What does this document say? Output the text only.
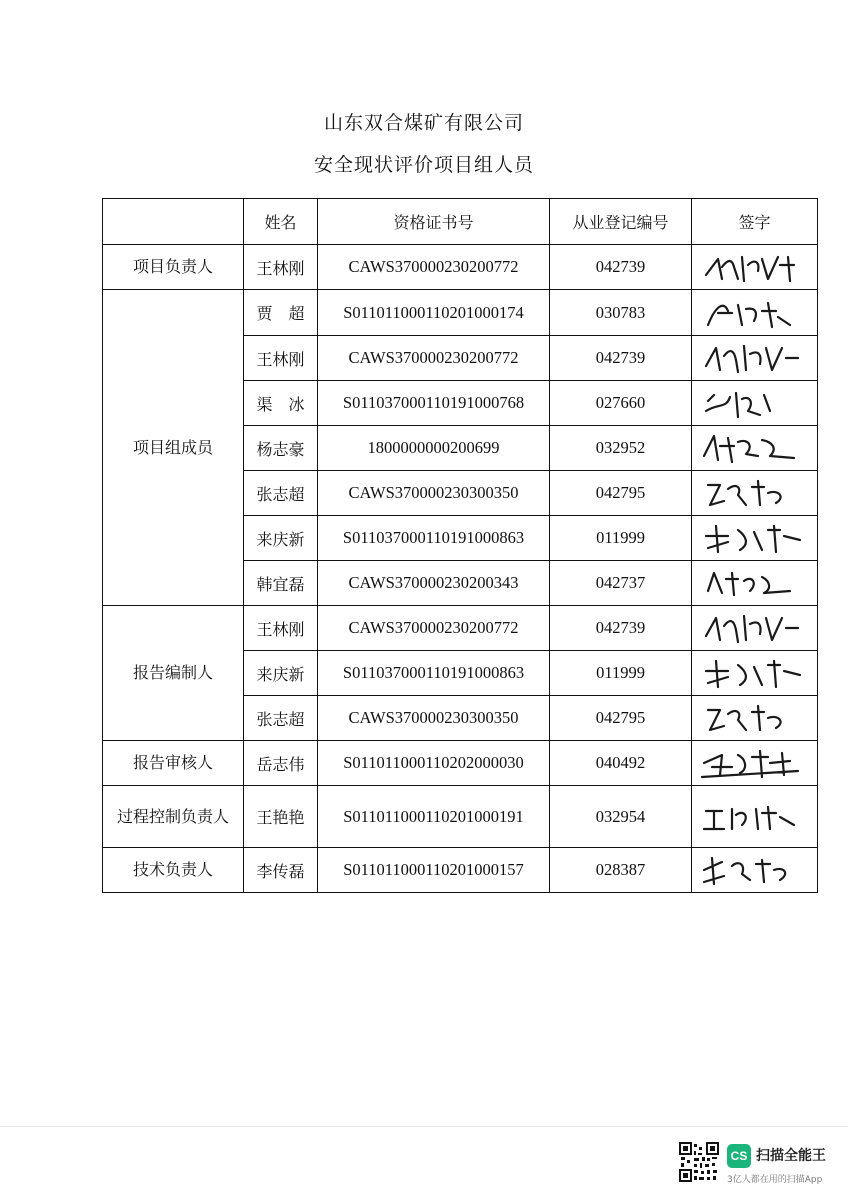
山东双合煤矿有限公司
安全现状评价项目组人员
	姓名	资格证书号	从业登记编号	签字
项目负责人	王林刚	CAWS370000230200772	042739	

项目组成员	贾　超	S011011000110201000174	030783	

	王林刚	CAWS370000230200772	042739	

	渠　冰	S011037000110191000768	027660	

	杨志豪	1800000000200699	032952	

	张志超	CAWS370000230300350	042795	

	来庆新	S011037000110191000863	011999	

	韩宜磊	CAWS370000230200343	042737	

报告编制人	王林刚	CAWS370000230200772	042739	

	来庆新	S011037000110191000863	011999	

	张志超	CAWS370000230300350	042795	

报告审核人	岳志伟	S011011000110202000030	040492	

过程控制负责人	王艳艳	S011011000110201000191	032954	

技术负责人	李传磊	S011011000110201000157	028387	
CS 扫描全能王
3亿人都在用的扫描App
